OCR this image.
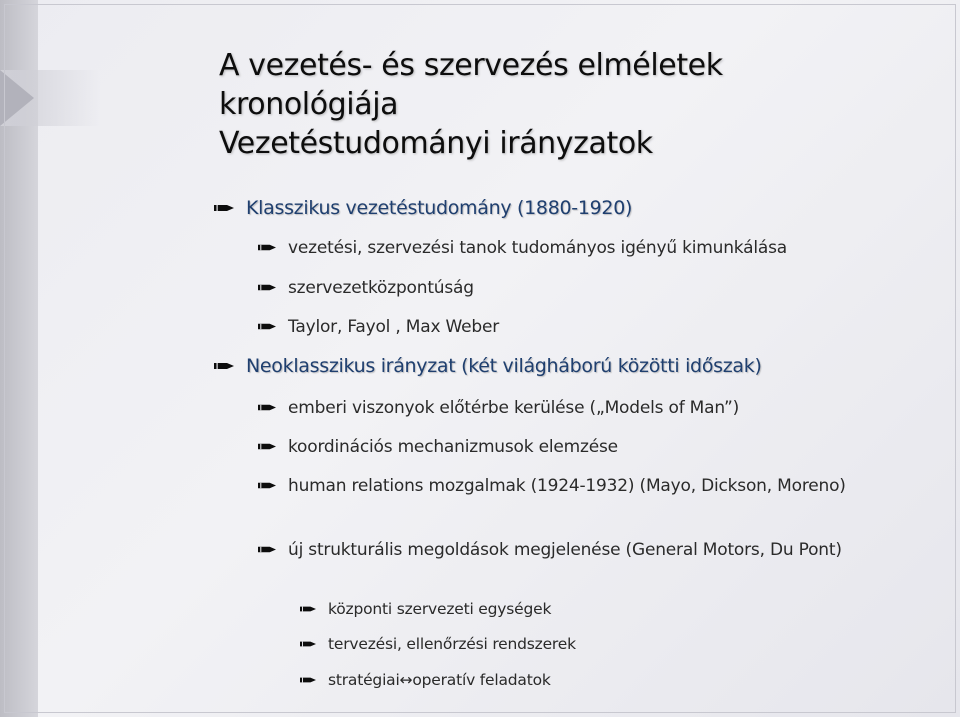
A vezetés- és szervezés elméletek
kronológiája
Vezetéstudományi irányzatok
Klasszikus vezetéstudomány (1880-1920)
vezetési, szervezési tanok tudományos igényű kimunkálása
szervezetközpontúság
Taylor, Fayol , Max Weber
Neoklasszikus irányzat (két világháború közötti időszak)
emberi viszonyok előtérbe kerülése („Models of Man”)
koordinációs mechanizmusok elemzése
human relations mozgalmak (1924-1932) (Mayo, Dickson, Moreno)
új strukturális megoldások megjelenése (General Motors, Du Pont)
központi szervezeti egységek
tervezési, ellenőrzési rendszerek
stratégiai↔operatív feladatok
